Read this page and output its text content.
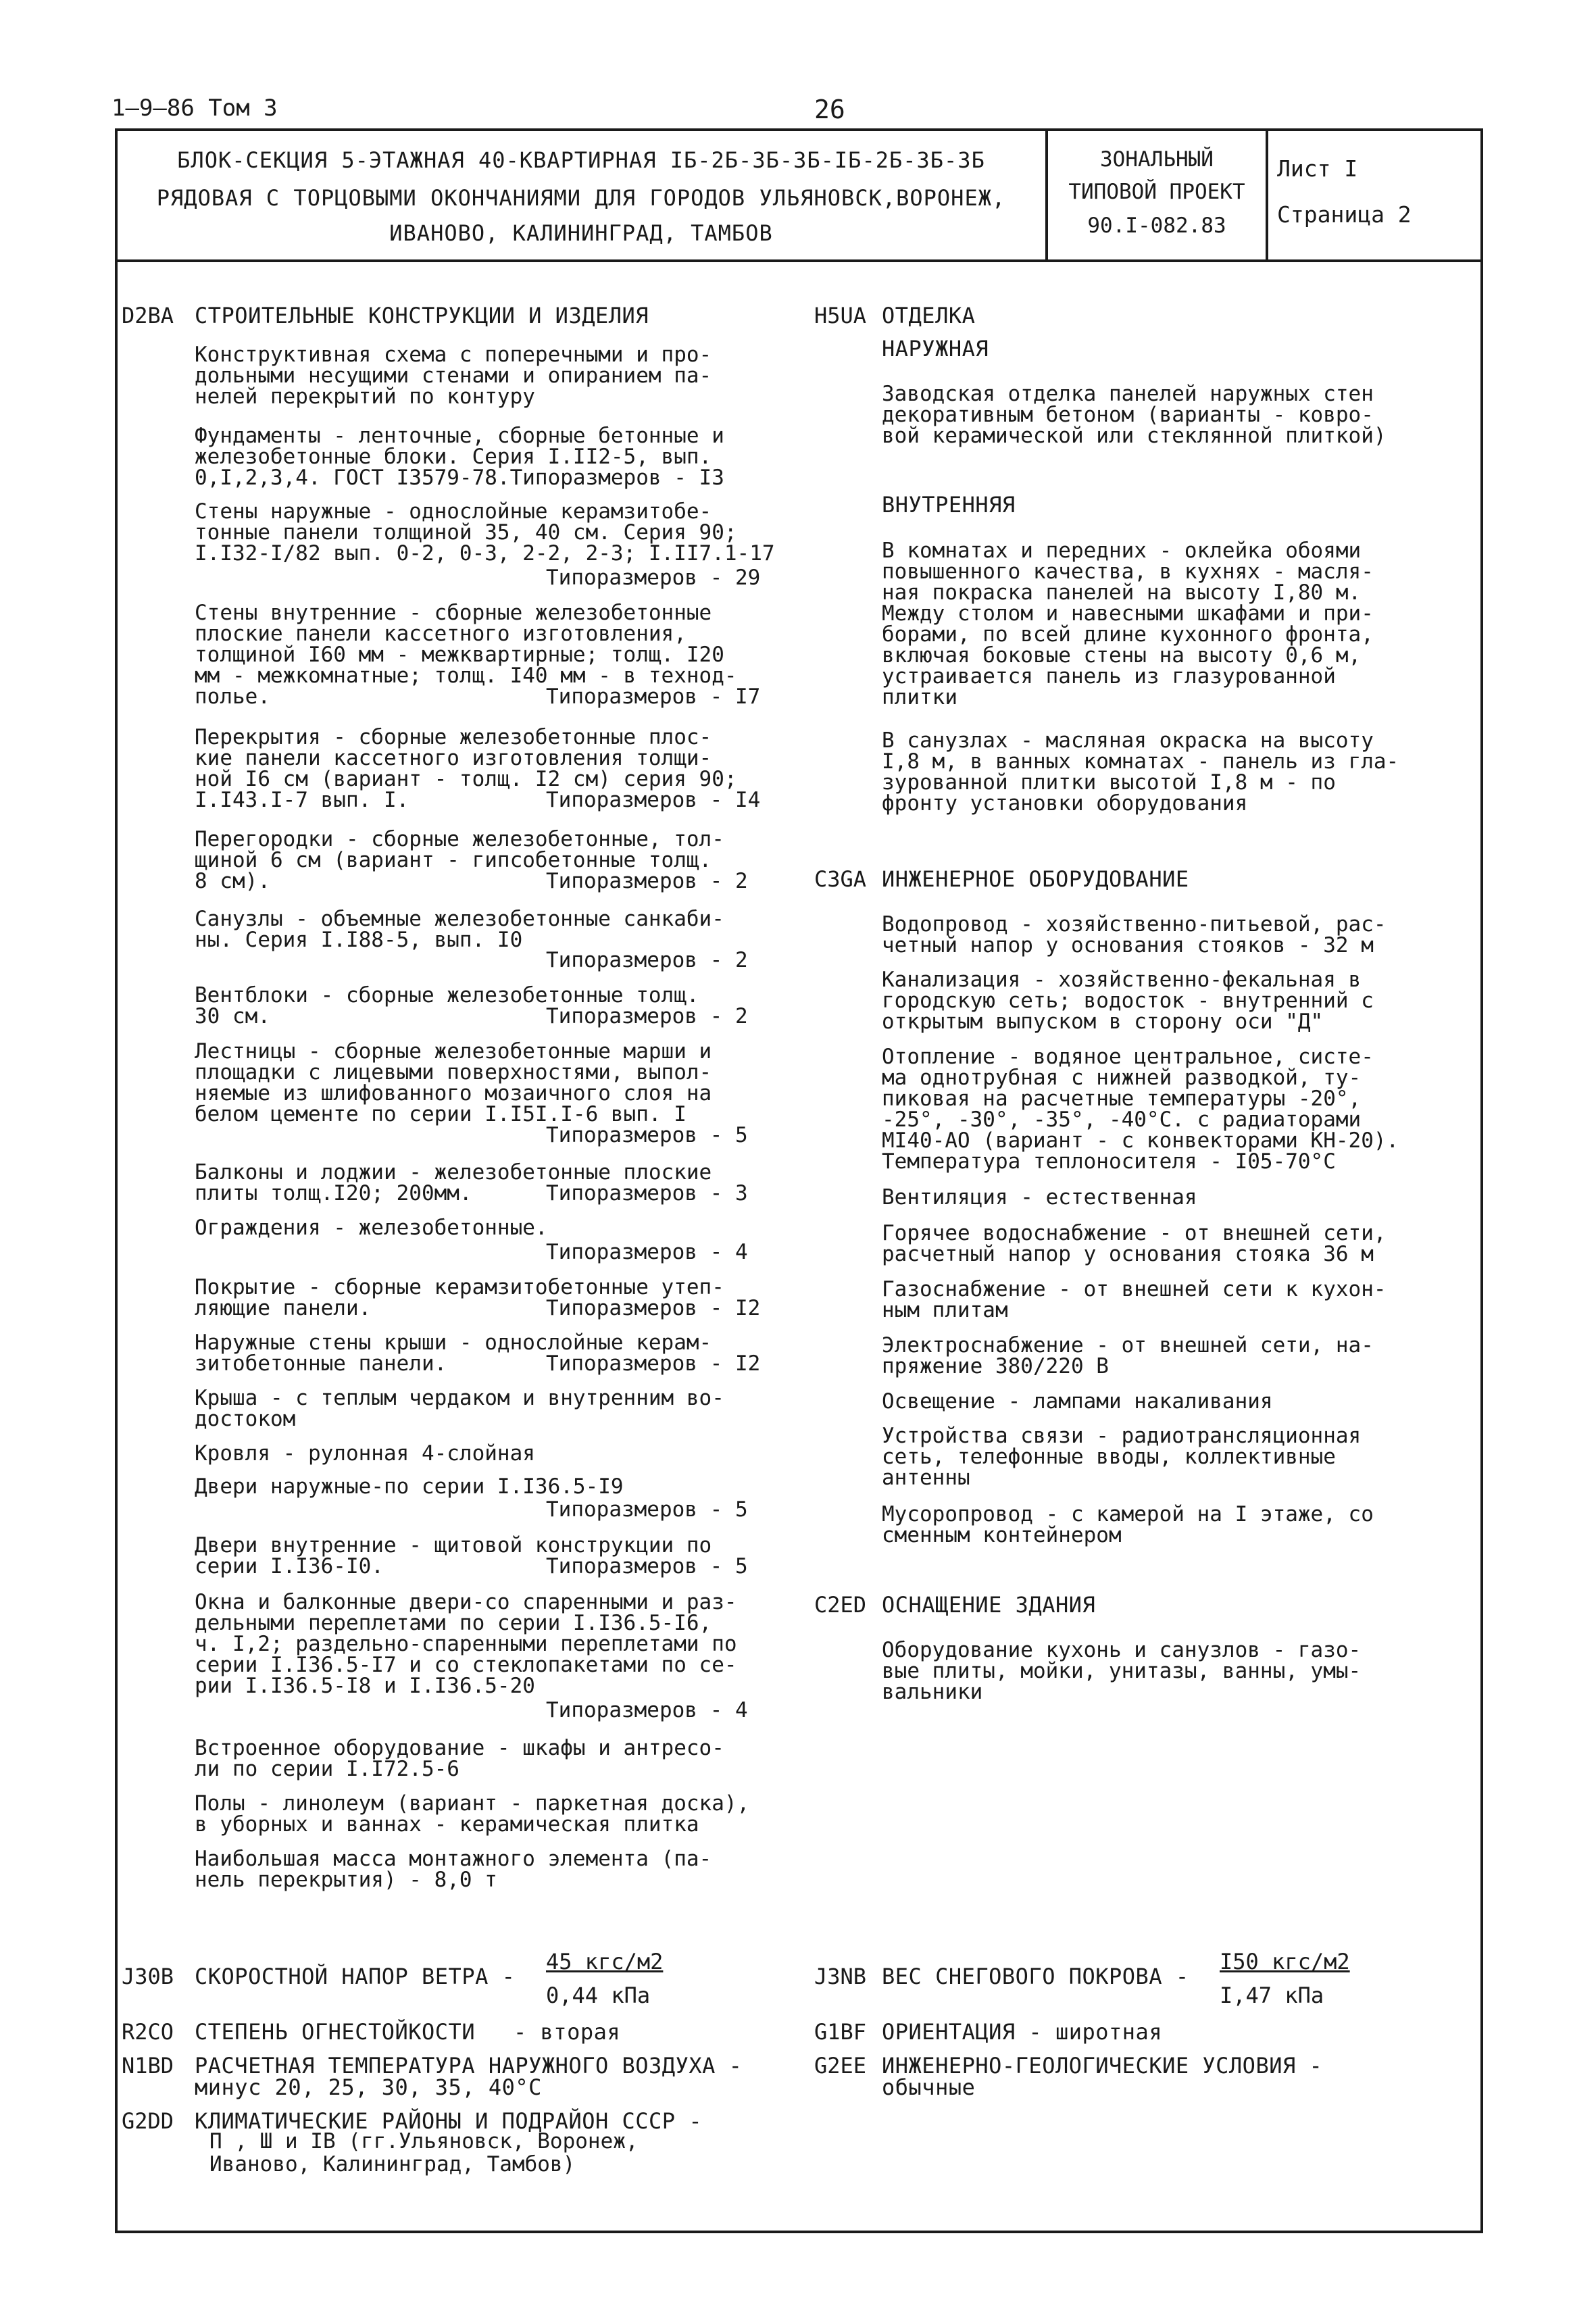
1–9–86 Том 3	26
БЛОК-СЕКЦИЯ 5-ЭТАЖНАЯ 40-КВАРТИРНАЯ IБ-2Б-3Б-3Б-IБ-2Б-3Б-3Б
РЯДОВАЯ С ТОРЦОВЫМИ ОКОНЧАНИЯМИ ДЛЯ ГОРОДОВ УЛЬЯНОВСК,ВОРОНЕЖ,
ИВАНОВО, КАЛИНИНГРАД, ТАМБОВ
ЗОНАЛЬНЫЙ
ТИПОВОЙ ПРОЕКТ
90.I-082.83
Лист I
Страница 2
D2BA СТРОИТЕЛЬНЫЕ КОНСТРУКЦИИ И ИЗДЕЛИЯ
Конструктивная схема с поперечными и про-
дольными несущими стенами и опиранием па-
нелей перекрытий по контуру
Фундаменты - ленточные, сборные бетонные и
железобетонные блоки. Серия I.II2-5, вып.
0,I,2,3,4. ГОСТ I3579-78.Типоразмеров - I3
Стены наружные - однослойные керамзитобе-
тонные панели толщиной 35, 40 см. Серия 90;
I.I32-I/82 вып. 0-2, 0-3, 2-2, 2-3; I.II7.1-17
Типоразмеров - 29
Стены внутренние - сборные железобетонные
плоские панели кассетного изготовления,
толщиной I60 мм - межквартирные; толщ. I20
мм - межкомнатные; толщ. I40 мм - в технод-
полье.	Типоразмеров - I7
Перекрытия - сборные железобетонные плос-
кие панели кассетного изготовления толщи-
ной I6 см (вариант - толщ. I2 см) серия 90;
I.I43.I-7 вып. I.	Типоразмеров - I4
Перегородки - сборные железобетонные, тол-
щиной 6 см (вариант - гипсобетонные толщ.
8 см).	Типоразмеров - 2
Санузлы - объемные железобетонные санкаби-
ны. Серия I.I88-5, вып. I0
Типоразмеров - 2
Вентблоки - сборные железобетонные толщ.
30 см.	Типоразмеров - 2
Лестницы - сборные железобетонные марши и
площадки с лицевыми поверхностями, выпол-
няемые из шлифованного мозаичного слоя на
белом цементе по серии I.I5I.I-6 вып. I
Типоразмеров - 5
Балконы и лоджии - железобетонные плоские
плиты толщ.I20; 200мм.	Типоразмеров - 3
Ограждения - железобетонные.
Типоразмеров - 4
Покрытие - сборные керамзитобетонные утеп-
ляющие панели.	Типоразмеров - I2
Наружные стены крыши - однослойные керам-
зитобетонные панели.	Типоразмеров - I2
Крыша - с теплым чердаком и внутренним во-
достоком
Кровля - рулонная 4-слойная
Двери наружные-по серии I.I36.5-I9
Типоразмеров - 5
Двери внутренние - щитовой конструкции по
серии I.I36-I0.	Типоразмеров - 5
Окна и балконные двери-со спаренными и раз-
дельными переплетами по серии I.I36.5-I6,
ч. I,2; раздельно-спаренными переплетами по
серии I.I36.5-I7 и со стеклопакетами по се-
рии I.I36.5-I8 и I.I36.5-20
Типоразмеров - 4
Встроенное оборудование - шкафы и антресо-
ли по серии I.I72.5-6
Полы - линолеум (вариант - паркетная доска),
в уборных и ваннах - керамическая плитка
Наибольшая масса монтажного элемента (па-
нель перекрытия) - 8,0 т
H5UA ОТДЕЛКА
НАРУЖНАЯ
Заводская отделка панелей наружных стен
декоративным бетоном (варианты - ковро-
вой керамической или стеклянной плиткой)
ВНУТРЕННЯЯ
В комнатах и передних - оклейка обоями
повышенного качества, в кухнях - масля-
ная покраска панелей на высоту I,80 м.
Между столом и навесными шкафами и при-
борами, по всей длине кухонного фронта,
включая боковые стены на высоту 0,6 м,
устраивается панель из глазурованной
плитки
В санузлах - масляная окраска на высоту
I,8 м, в ванных комнатах - панель из гла-
зурованной плитки высотой I,8 м - по
фронту установки оборудования
C3GA ИНЖЕНЕРНОЕ ОБОРУДОВАНИЕ
Водопровод - хозяйственно-питьевой, рас-
четный напор у основания стояков - 32 м
Канализация - хозяйственно-фекальная в
городскую сеть; водосток - внутренний с
открытым выпуском в сторону оси "Д"
Отопление - водяное центральное, систе-
ма однотрубная с нижней разводкой, ту-
пиковая на расчетные температуры -20°,
-25°, -30°, -35°, -40°С. с радиаторами
МI40-АО (вариант - с конвекторами КН-20).
Температура теплоносителя - I05-70°С
Вентиляция - естественная
Горячее водоснабжение - от внешней сети,
расчетный напор у основания стояка 36 м
Газоснабжение - от внешней сети к кухон-
ным плитам
Электроснабжение - от внешней сети, на-
пряжение 380/220 В
Освещение - лампами накаливания
Устройства связи - радиотрансляционная
сеть, телефонные вводы, коллективные
антенны
Мусоропровод - с камерой на I этаже, со
сменным контейнером
C2ED ОСНАЩЕНИЕ ЗДАНИЯ
Оборудование кухонь и санузлов - газо-
вые плиты, мойки, унитазы, ванны, умы-
вальники
J30B СКОРОСТНОЙ НАПОР ВЕТРА -
45 кгс/м2
0,44 кПа
J3NB ВЕС СНЕГОВОГО ПОКРОВА -
I50 кгс/м2
I,47 кПа
R2CO СТЕПЕНЬ ОГНЕСТОЙКОСТИ - вторая	G1BF ОРИЕНТАЦИЯ - широтная
N1BD РАСЧЕТНАЯ ТЕМПЕРАТУРА НАРУЖНОГО ВОЗДУХА -
минус 20, 25, 30, 35, 40°С
G2EE ИНЖЕНЕРНО-ГЕОЛОГИЧЕСКИЕ УСЛОВИЯ -
обычные
G2DD КЛИМАТИЧЕСКИЕ РАЙОНЫ И ПОДРАЙОН СССР -
П , Ш и IВ (гг.Ульяновск, Воронеж,
Иваново, Калининград, Тамбов)
